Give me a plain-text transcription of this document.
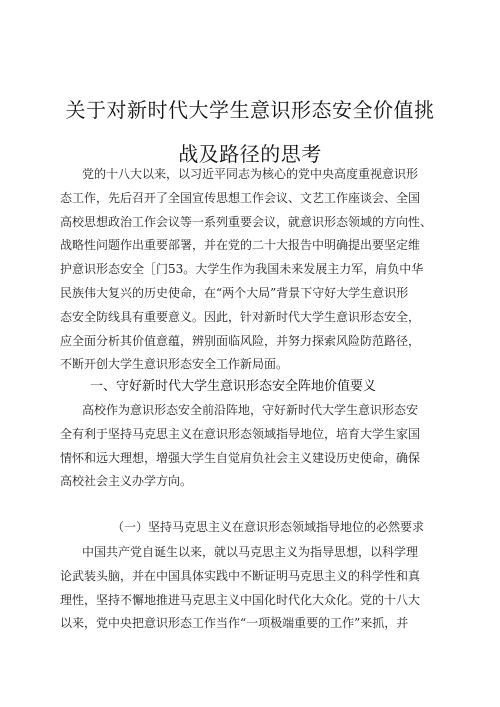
关于对新时代大学生意识形态安全价值挑
战及路径的思考
党的十八大以来，以习近平同志为核心的党中央高度重视意识形
态工作，先后召开了全国宣传思想工作会议、文艺工作座谈会、全国
高校思想政治工作会议等一系列重要会议，就意识形态领域的方向性、
战略性问题作出重要部署，并在党的二十大报告中明确提出要坚定维
护意识形态安全［门53。大学生作为我国未来发展主力军，肩负中华
民族伟大复兴的历史使命，在“两个大局”背景下守好大学生意识形
态安全防线具有重要意义。因此，针对新时代大学生意识形态安全，
应全面分析其价值意蕴，辨别面临风险，并努力探索风险防范路径，
不断开创大学生意识形态安全工作新局面。
一、守好新时代大学生意识形态安全阵地价值要义
高校作为意识形态安全前沿阵地，守好新时代大学生意识形态安
全有利于坚持马克思主义在意识形态领域指导地位，培育大学生家国
情怀和远大理想，增强大学生自觉肩负社会主义建设历史使命，确保
高校社会主义办学方向。
（一）坚持马克思主义在意识形态领域指导地位的必然要求
中国共产党自诞生以来，就以马克思主义为指导思想，以科学理
论武装头脑，并在中国具体实践中不断证明马克思主义的科学性和真
理性，坚持不懈地推进马克思主义中国化时代化大众化。党的十八大
以来，党中央把意识形态工作当作“一项极端重要的工作”来抓，并
